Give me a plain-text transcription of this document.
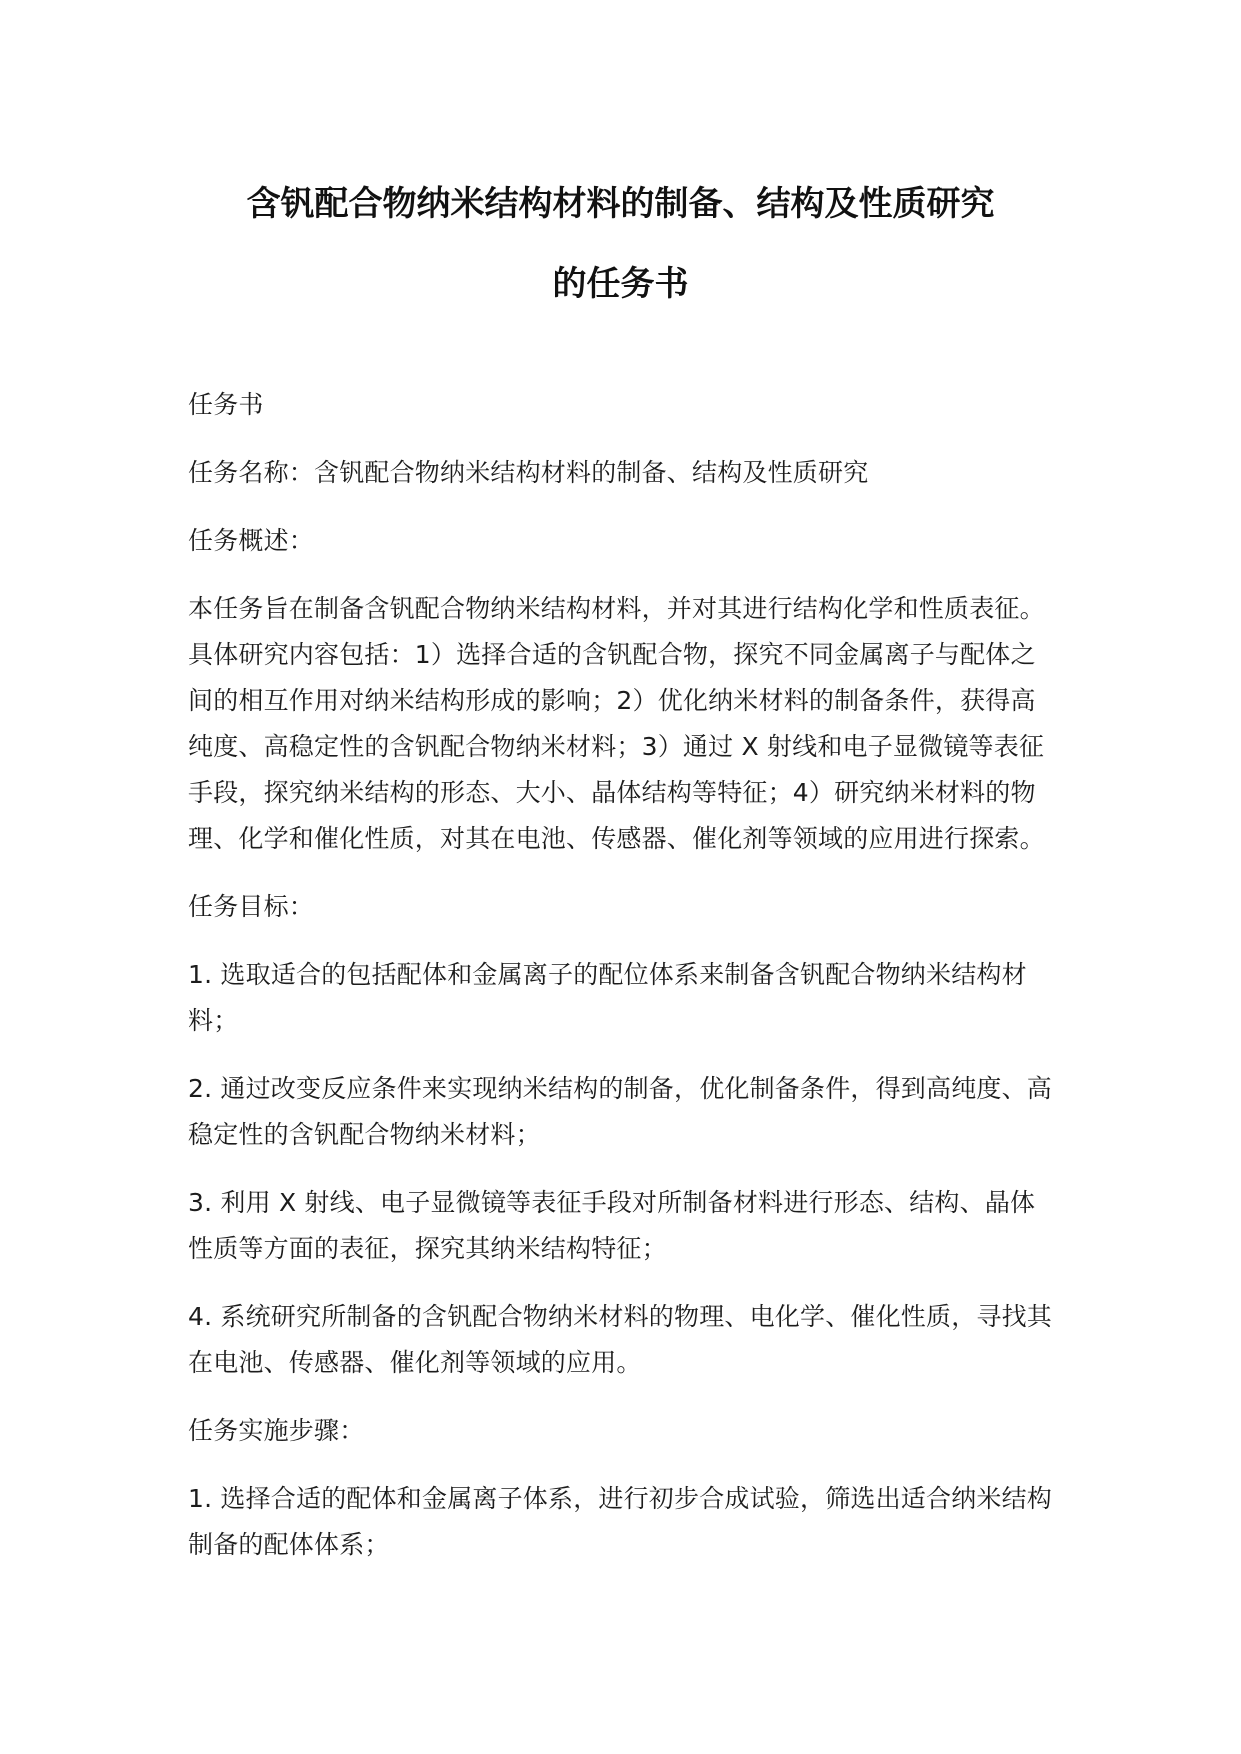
含钒配合物纳米结构材料的制备、结构及性质研究
的任务书

任务书

任务名称：含钒配合物纳米结构材料的制备、结构及性质研究

任务概述：

本任务旨在制备含钒配合物纳米结构材料，并对其进行结构化学和性质表征。具体研究内容包括：1）选择合适的含钒配合物，探究不同金属离子与配体之间的相互作用对纳米结构形成的影响；2）优化纳米材料的制备条件，获得高纯度、高稳定性的含钒配合物纳米材料；3）通过 X 射线和电子显微镜等表征手段，探究纳米结构的形态、大小、晶体结构等特征；4）研究纳米材料的物理、化学和催化性质，对其在电池、传感器、催化剂等领域的应用进行探索。

任务目标：

1. 选取适合的包括配体和金属离子的配位体系来制备含钒配合物纳米结构材料；

2. 通过改变反应条件来实现纳米结构的制备，优化制备条件，得到高纯度、高稳定性的含钒配合物纳米材料；

3. 利用 X 射线、电子显微镜等表征手段对所制备材料进行形态、结构、晶体性质等方面的表征，探究其纳米结构特征；

4. 系统研究所制备的含钒配合物纳米材料的物理、电化学、催化性质，寻找其在电池、传感器、催化剂等领域的应用。

任务实施步骤：

1. 选择合适的配体和金属离子体系，进行初步合成试验，筛选出适合纳米结构制备的配体体系；
